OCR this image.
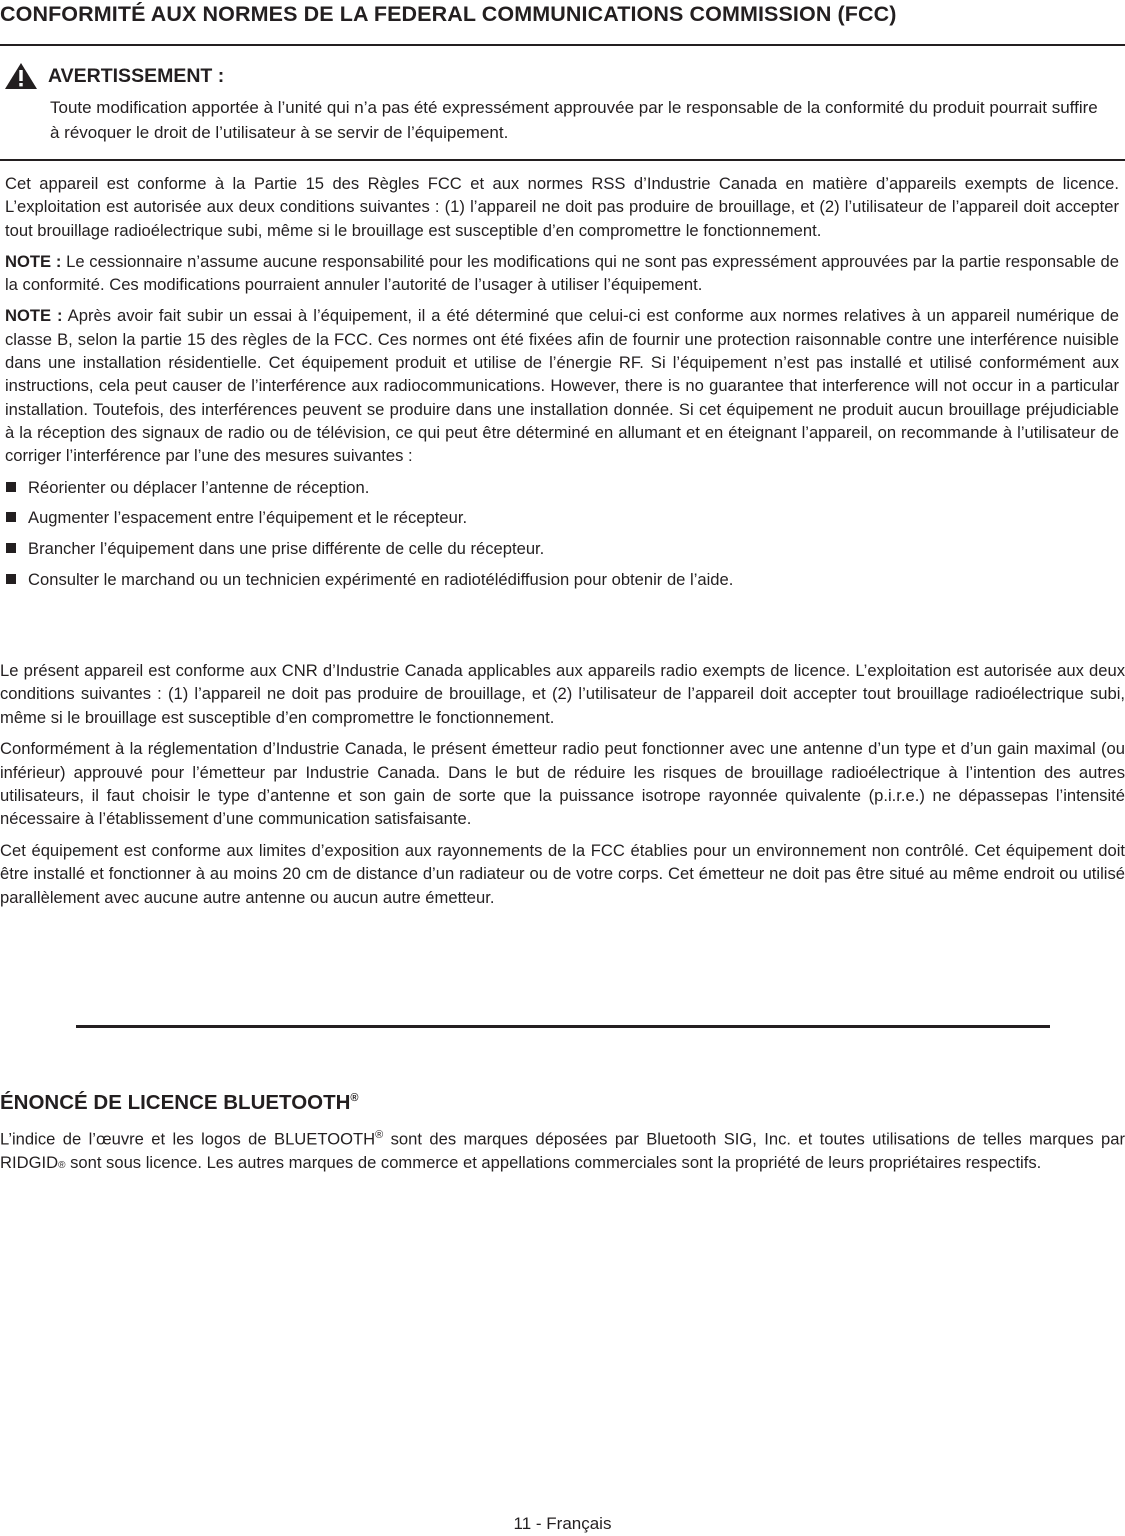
CONFORMITÉ AUX NORMES DE LA FEDERAL COMMUNICATIONS COMMISSION (FCC)
AVERTISSEMENT :
Toute modification apportée à l’unité qui n’a pas été expressément approuvée par le responsable de la conformité du produit pourrait suffire à révoquer le droit de l’utilisateur à se servir de l’équipement.

Cet appareil est conforme à la Partie 15 des Règles FCC et aux normes RSS d’Industrie Canada en matière d’appareils exempts de licence. L’exploitation est autorisée aux deux conditions suivantes : (1) l’appareil ne doit pas produire de brouillage, et (2) l’utilisateur de l’appareil doit accepter tout brouillage radioélectrique subi, même si le brouillage est susceptible d’en compromettre le fonctionnement.

NOTE : Le cessionnaire n’assume aucune responsabilité pour les modifications qui ne sont pas expressément approuvées par la partie responsable de la conformité. Ces modifications pourraient annuler l’autorité de l’usager à utiliser l’équipement.

NOTE : Après avoir fait subir un essai à l’équipement, il a été déterminé que celui-ci est conforme aux normes relatives à un appareil numérique de classe B, selon la partie 15 des règles de la FCC. Ces normes ont été fixées afin de fournir une protection raisonnable contre une interférence nuisible dans une installation résidentielle. Cet équipement produit et utilise de l’énergie RF. Si l’équipement n’est pas installé et utilisé conformément aux instructions, cela peut causer de l’interférence aux radiocommunications. However, there is no guarantee that interference will not occur in a particular installation. Toutefois, des interférences peuvent se produire dans une installation donnée. Si cet équipement ne produit aucun brouillage préjudiciable à la réception des signaux de radio ou de télévision, ce qui peut être déterminé en allumant et en éteignant l’appareil, on recommande à l’utilisateur de corriger l’interférence par l’une des mesures suivantes :

Réorienter ou déplacer l’antenne de réception.
Augmenter l’espacement entre l’équipement et le récepteur.
Brancher l’équipement dans une prise différente de celle du récepteur.
Consulter le marchand ou un technicien expérimenté en radiotélédiffusion pour obtenir de l’aide.

Le présent appareil est conforme aux CNR d’Industrie Canada applicables aux appareils radio exempts de licence. L’exploitation est autorisée aux deux conditions suivantes : (1) l’appareil ne doit pas produire de brouillage, et (2) l’utilisateur de l’appareil doit accepter tout brouillage radioélectrique subi, même si le brouillage est susceptible d’en compromettre le fonctionnement.

Conformément à la réglementation d’Industrie Canada, le présent émetteur radio peut fonctionner avec une antenne d’un type et d’un gain maximal (ou inférieur) approuvé pour l’émetteur par Industrie Canada. Dans le but de réduire les risques de brouillage radioélectrique à l’intention des autres utilisateurs, il faut choisir le type d’antenne et son gain de sorte que la puissance isotrope rayonnée quivalente (p.i.r.e.) ne dépassepas l’intensité nécessaire à l’établissement d’une communication satisfaisante.

Cet équipement est conforme aux limites d’exposition aux rayonnements de la FCC établies pour un environnement non contrôlé. Cet équipement doit être installé et fonctionner à au moins 20 cm de distance d’un radiateur ou de votre corps. Cet émetteur ne doit pas être situé au même endroit ou utilisé parallèlement avec aucune autre antenne ou aucun autre émetteur.

ÉNONCÉ DE LICENCE BLUETOOTH®
L’indice de l’œuvre et les logos de BLUETOOTH® sont des marques déposées par Bluetooth SIG, Inc. et toutes utilisations de telles marques par RIDGID® sont sous licence. Les autres marques de commerce et appellations commerciales sont la propriété de leurs propriétaires respectifs.
11 - Français
